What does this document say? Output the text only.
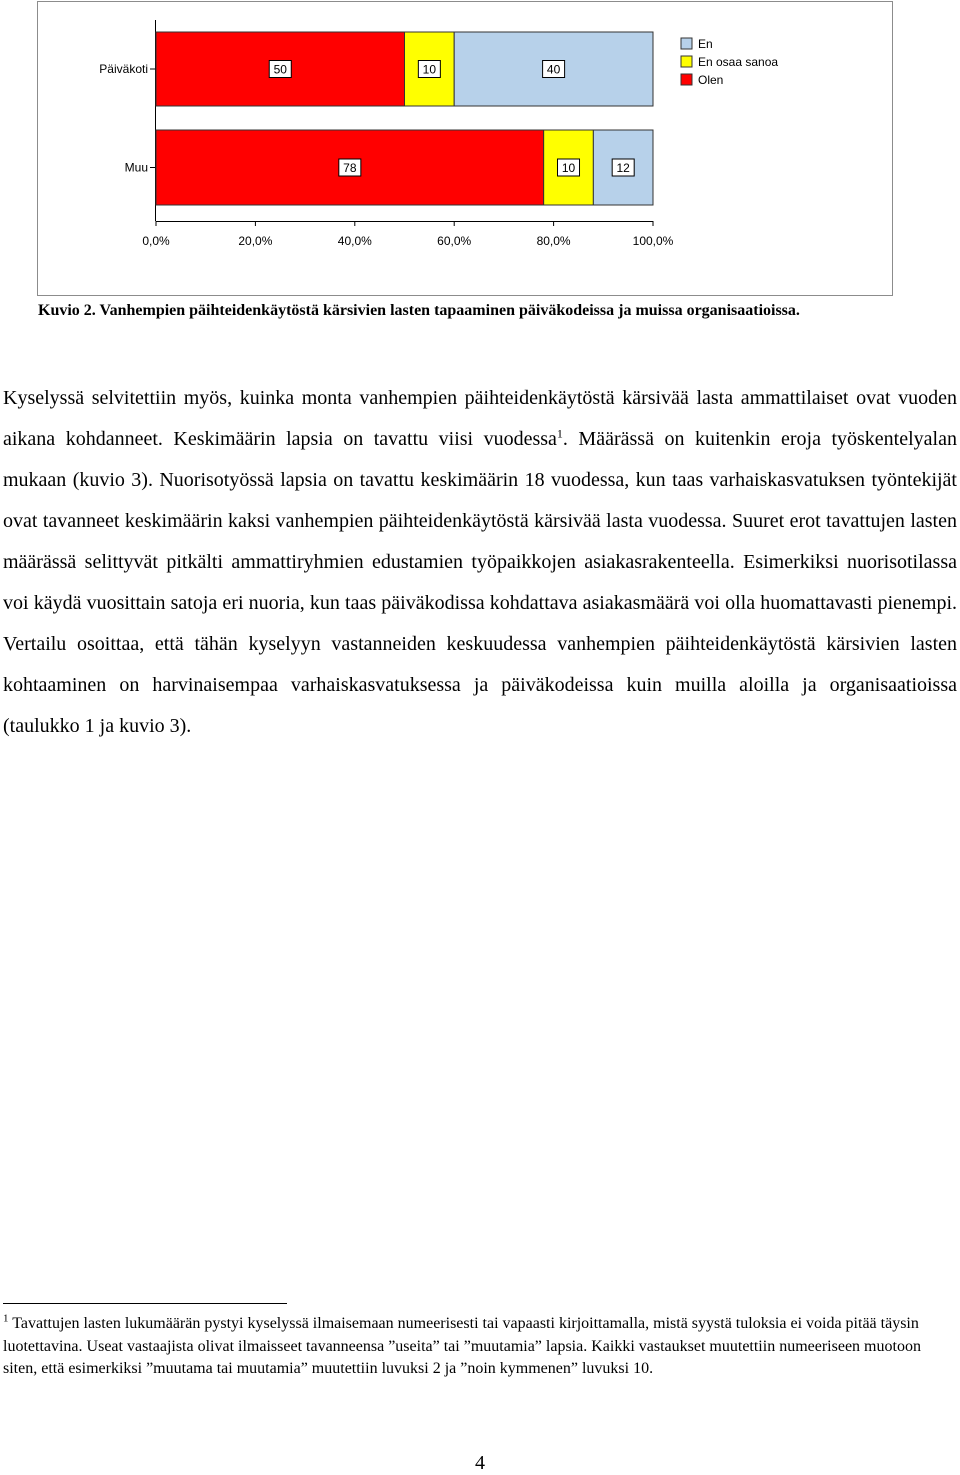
0,0%	20,0%	40,0%	60,0%	80,0%	100,0%
Päiväkoti	50	10	40
Muu	78	10	12
En
En osaa sanoa
Olen
Kuvio 2. Vanhempien päihteidenkäytöstä kärsivien lasten tapaaminen päiväkodeissa ja muissa organisaatioissa.

Kyselyssä selvitettiin myös, kuinka monta vanhempien päihteidenkäytöstä kärsivää lasta ammattilaiset ovat vuoden aikana kohdanneet. Keskimäärin lapsia on tavattu viisi vuodessa$^1$. Määrässä on kuitenkin eroja työskentelyalan mukaan (kuvio 3). Nuorisotyössä lapsia on tavattu keskimäärin 18 vuodessa, kun taas varhaiskasvatuksen työntekijät ovat tavanneet keskimäärin kaksi vanhempien päihteidenkäytöstä kärsivää lasta vuodessa. Suuret erot tavattujen lasten määrässä selittyvät pitkälti ammattiryhmien edustamien työpaikkojen asiakasrakenteella. Esimerkiksi nuorisotilassa voi käydä vuosittain satoja eri nuoria, kun taas päiväkodissa kohdattava asiakasmäärä voi olla huomattavasti pienempi. Vertailu osoittaa, että tähän kyselyyn vastanneiden keskuudessa vanhempien päihteidenkäytöstä kärsivien lasten kohtaaminen on harvinaisempaa varhaiskasvatuksessa ja päiväkodeissa kuin muilla aloilla ja organisaatioissa (taulukko 1 ja kuvio 3).

$^1$ Tavattujen lasten lukumäärän pystyi kyselyssä ilmaisemaan numeerisesti tai vapaasti kirjoittamalla, mistä syystä tuloksia ei voida pitää täysin luotettavina. Useat vastaajista olivat ilmaisseet tavanneensa ”useita” tai ”muutamia” lapsia. Kaikki vastaukset muutettiin numeeriseen muotoon siten, että esimerkiksi ”muutama tai muutamia” muutettiin luvuksi 2 ja ”noin kymmenen” luvuksi 10.

4
